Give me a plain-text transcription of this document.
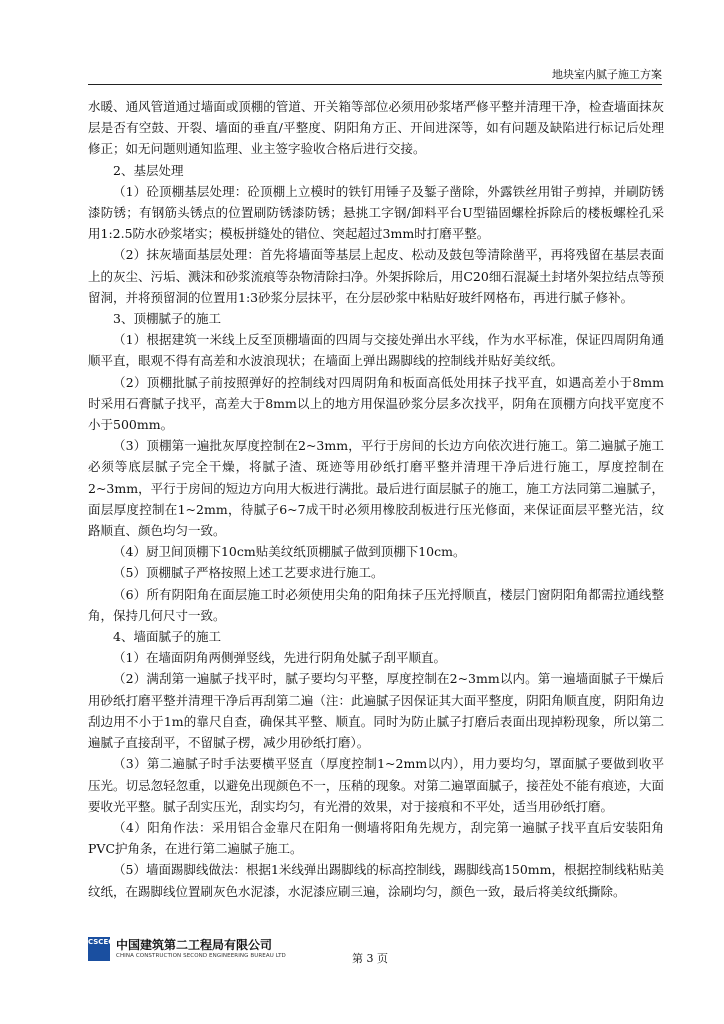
地块室内腻子施工方案

水暖、通风管道通过墙面或顶棚的管道、开关箱等部位必须用砂浆堵严修平整并清理干净，检查墙面抹灰层是否有空鼓、开裂、墙面的垂直/平整度、阴阳角方正、开间进深等，如有问题及缺陷进行标记后处理修正；如无问题则通知监理、业主签字验收合格后进行交接。

2、基层处理

（1）砼顶棚基层处理：砼顶棚上立模时的铁钉用锤子及錾子凿除，外露铁丝用钳子剪掉，并刷防锈漆防锈；有钢筋头锈点的位置刷防锈漆防锈；悬挑工字钢/卸料平台U型锚固螺栓拆除后的楼板螺栓孔采用1:2.5防水砂浆堵实；模板拼缝处的错位、突起超过3mm时打磨平整。

（2）抹灰墙面基层处理：首先将墙面等基层上起皮、松动及鼓包等清除凿平，再将残留在基层表面上的灰尘、污垢、溅沫和砂浆流痕等杂物清除扫净。外架拆除后，用C20细石混凝土封堵外架拉结点等预留洞，并将预留洞的位置用1:3砂浆分层抹平，在分层砂浆中粘贴好玻纤网格布，再进行腻子修补。

3、顶棚腻子的施工

（1）根据建筑一米线上反至顶棚墙面的四周与交接处弹出水平线，作为水平标准，保证四周阴角通顺平直，眼观不得有高差和水波浪现状；在墙面上弹出踢脚线的控制线并贴好美纹纸。

（2）顶棚批腻子前按照弹好的控制线对四周阴角和板面高低处用抹子找平直，如遇高差小于8mm时采用石膏腻子找平，高差大于8mm以上的地方用保温砂浆分层多次找平，阴角在顶棚方向找平宽度不小于500mm。

（3）顶棚第一遍批灰厚度控制在2~3mm，平行于房间的长边方向依次进行施工。第二遍腻子施工必须等底层腻子完全干燥，将腻子渣、斑迹等用砂纸打磨平整并清理干净后进行施工，厚度控制在2~3mm，平行于房间的短边方向用大板进行满批。最后进行面层腻子的施工，施工方法同第二遍腻子，面层厚度控制在1~2mm，待腻子6~7成干时必须用橡胶刮板进行压光修面，来保证面层平整光洁，纹路顺直、颜色均匀一致。

（4）厨卫间顶棚下10cm贴美纹纸顶棚腻子做到顶棚下10cm。

（5）顶棚腻子严格按照上述工艺要求进行施工。

（6）所有阴阳角在面层施工时必须使用尖角的阳角抹子压光捋顺直，楼层门窗阴阳角都需拉通线整角，保持几何尺寸一致。

4、墙面腻子的施工

（1）在墙面阴角两侧弹竖线，先进行阴角处腻子刮平顺直。

（2）满刮第一遍腻子找平时，腻子要均匀平整，厚度控制在2~3mm以内。第一遍墙面腻子干燥后用砂纸打磨平整并清理干净后再刮第二遍（注：此遍腻子因保证其大面平整度，阴阳角顺直度，阴阳角边刮边用不小于1m的靠尺自查，确保其平整、顺直。同时为防止腻子打磨后表面出现掉粉现象，所以第二遍腻子直接刮平，不留腻子楞，减少用砂纸打磨）。

（3）第二遍腻子时手法要横平竖直（厚度控制1~2mm以内），用力要均匀，罩面腻子要做到收平压光。切忌忽轻忽重，以避免出现颜色不一，压稍的现象。对第二遍罩面腻子，接茬处不能有痕迹，大面要收光平整。腻子刮实压光，刮实均匀，有光滑的效果，对于接痕和不平处，适当用砂纸打磨。

（4）阳角作法：采用铝合金靠尺在阳角一侧墙将阳角先规方，刮完第一遍腻子找平直后安装阳角PVC护角条，在进行第二遍腻子施工。

（5）墙面踢脚线做法：根据1米线弹出踢脚线的标高控制线，踢脚线高150mm，根据控制线粘贴美纹纸，在踢脚线位置刷灰色水泥漆，水泥漆应刷三遍，涂刷均匀，颜色一致，最后将美纹纸撕除。

CSCEC 中国建筑第二工程局有限公司
CHINA CONSTRUCTION SECOND ENGINEERING BUREAU LTD	第 3 页
